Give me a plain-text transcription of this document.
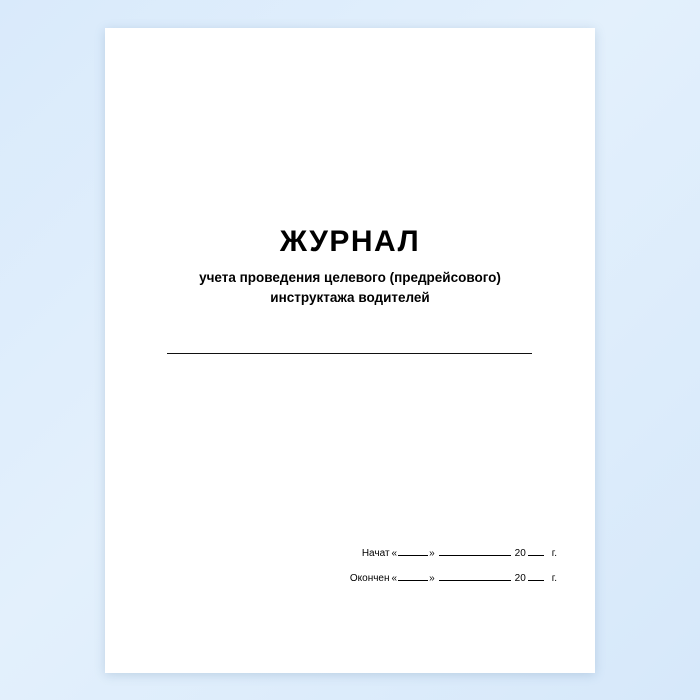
ЖУРНАЛ
учета проведения целевого (предрейсового)
инструктажа водителей
Начат «	»	20	г.
Окончен «	»	20	г.
